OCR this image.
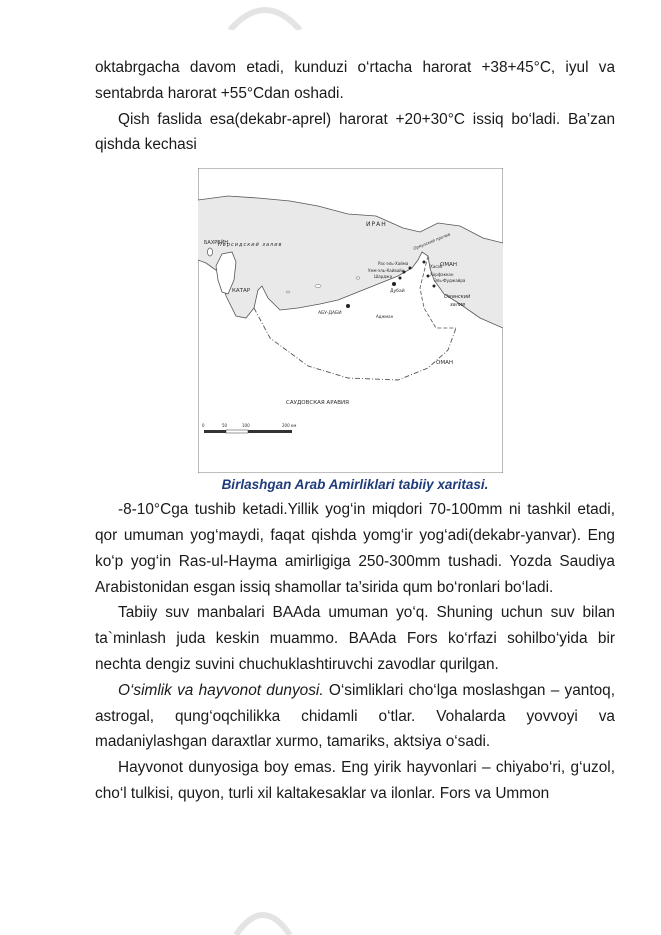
oktabrgacha davom etadi, kunduzi o‘rtacha harorat +38+45°C, iyul va sentabrda harorat +55°Cdan oshadi.

Qish faslida esa(dekabr-aprel) harorat +20+30°C issiq bo‘ladi. Ba’zan qishda kechasi

ИРАН
Персидский залив
БАХРЕЙН
КАТАР
ОМАН
ОМАН
Оманский
залив
САУДОВСКАЯ АРАВИЯ
АБУ-ДАБИ
Дубай
Шарджа
Рас-эль-Хайма
Умм-эль-Кайвайн
Эль-Фуджайра
Аджман
Хорфаккан
Хасаб
Ормузский пролив
0	50	100	200 км

Birlashgan Arab Amirliklari tabiiy xaritasi.

-8-10°Cga tushib ketadi.Yillik yog‘in miqdori 70-100mm ni tashkil etadi, qor umuman yog‘maydi, faqat qishda yomg‘ir yog‘adi(dekabr-yanvar). Eng ko‘p yog‘in Ras-ul-Hayma amirligiga 250-300mm tushadi. Yozda Saudiya Arabistonidan esgan issiq shamollar ta’sirida qum bo‘ronlari bo‘ladi.

Tabiiy suv manbalari BAAda umuman yo‘q. Shuning uchun suv bilan ta`minlash juda keskin muammo. BAAda Fors ko‘rfazi sohilbo‘yida bir nechta dengiz suvini chuchuklashtiruvchi zavodlar qurilgan.

O‘simlik va hayvonot dunyosi. O‘simliklari cho‘lga moslashgan – yantoq, astrogal, qung‘oqchilikka chidamli o‘tlar. Vohalarda yovvoyi va madaniylashgan daraxtlar xurmo, tamariks, aktsiya o‘sadi.

Hayvonot dunyosiga boy emas. Eng yirik hayvonlari – chiyabo‘ri, g‘uzol, cho‘l tulkisi, quyon, turli xil kaltakesaklar va ilonlar. Fors va Ummon
